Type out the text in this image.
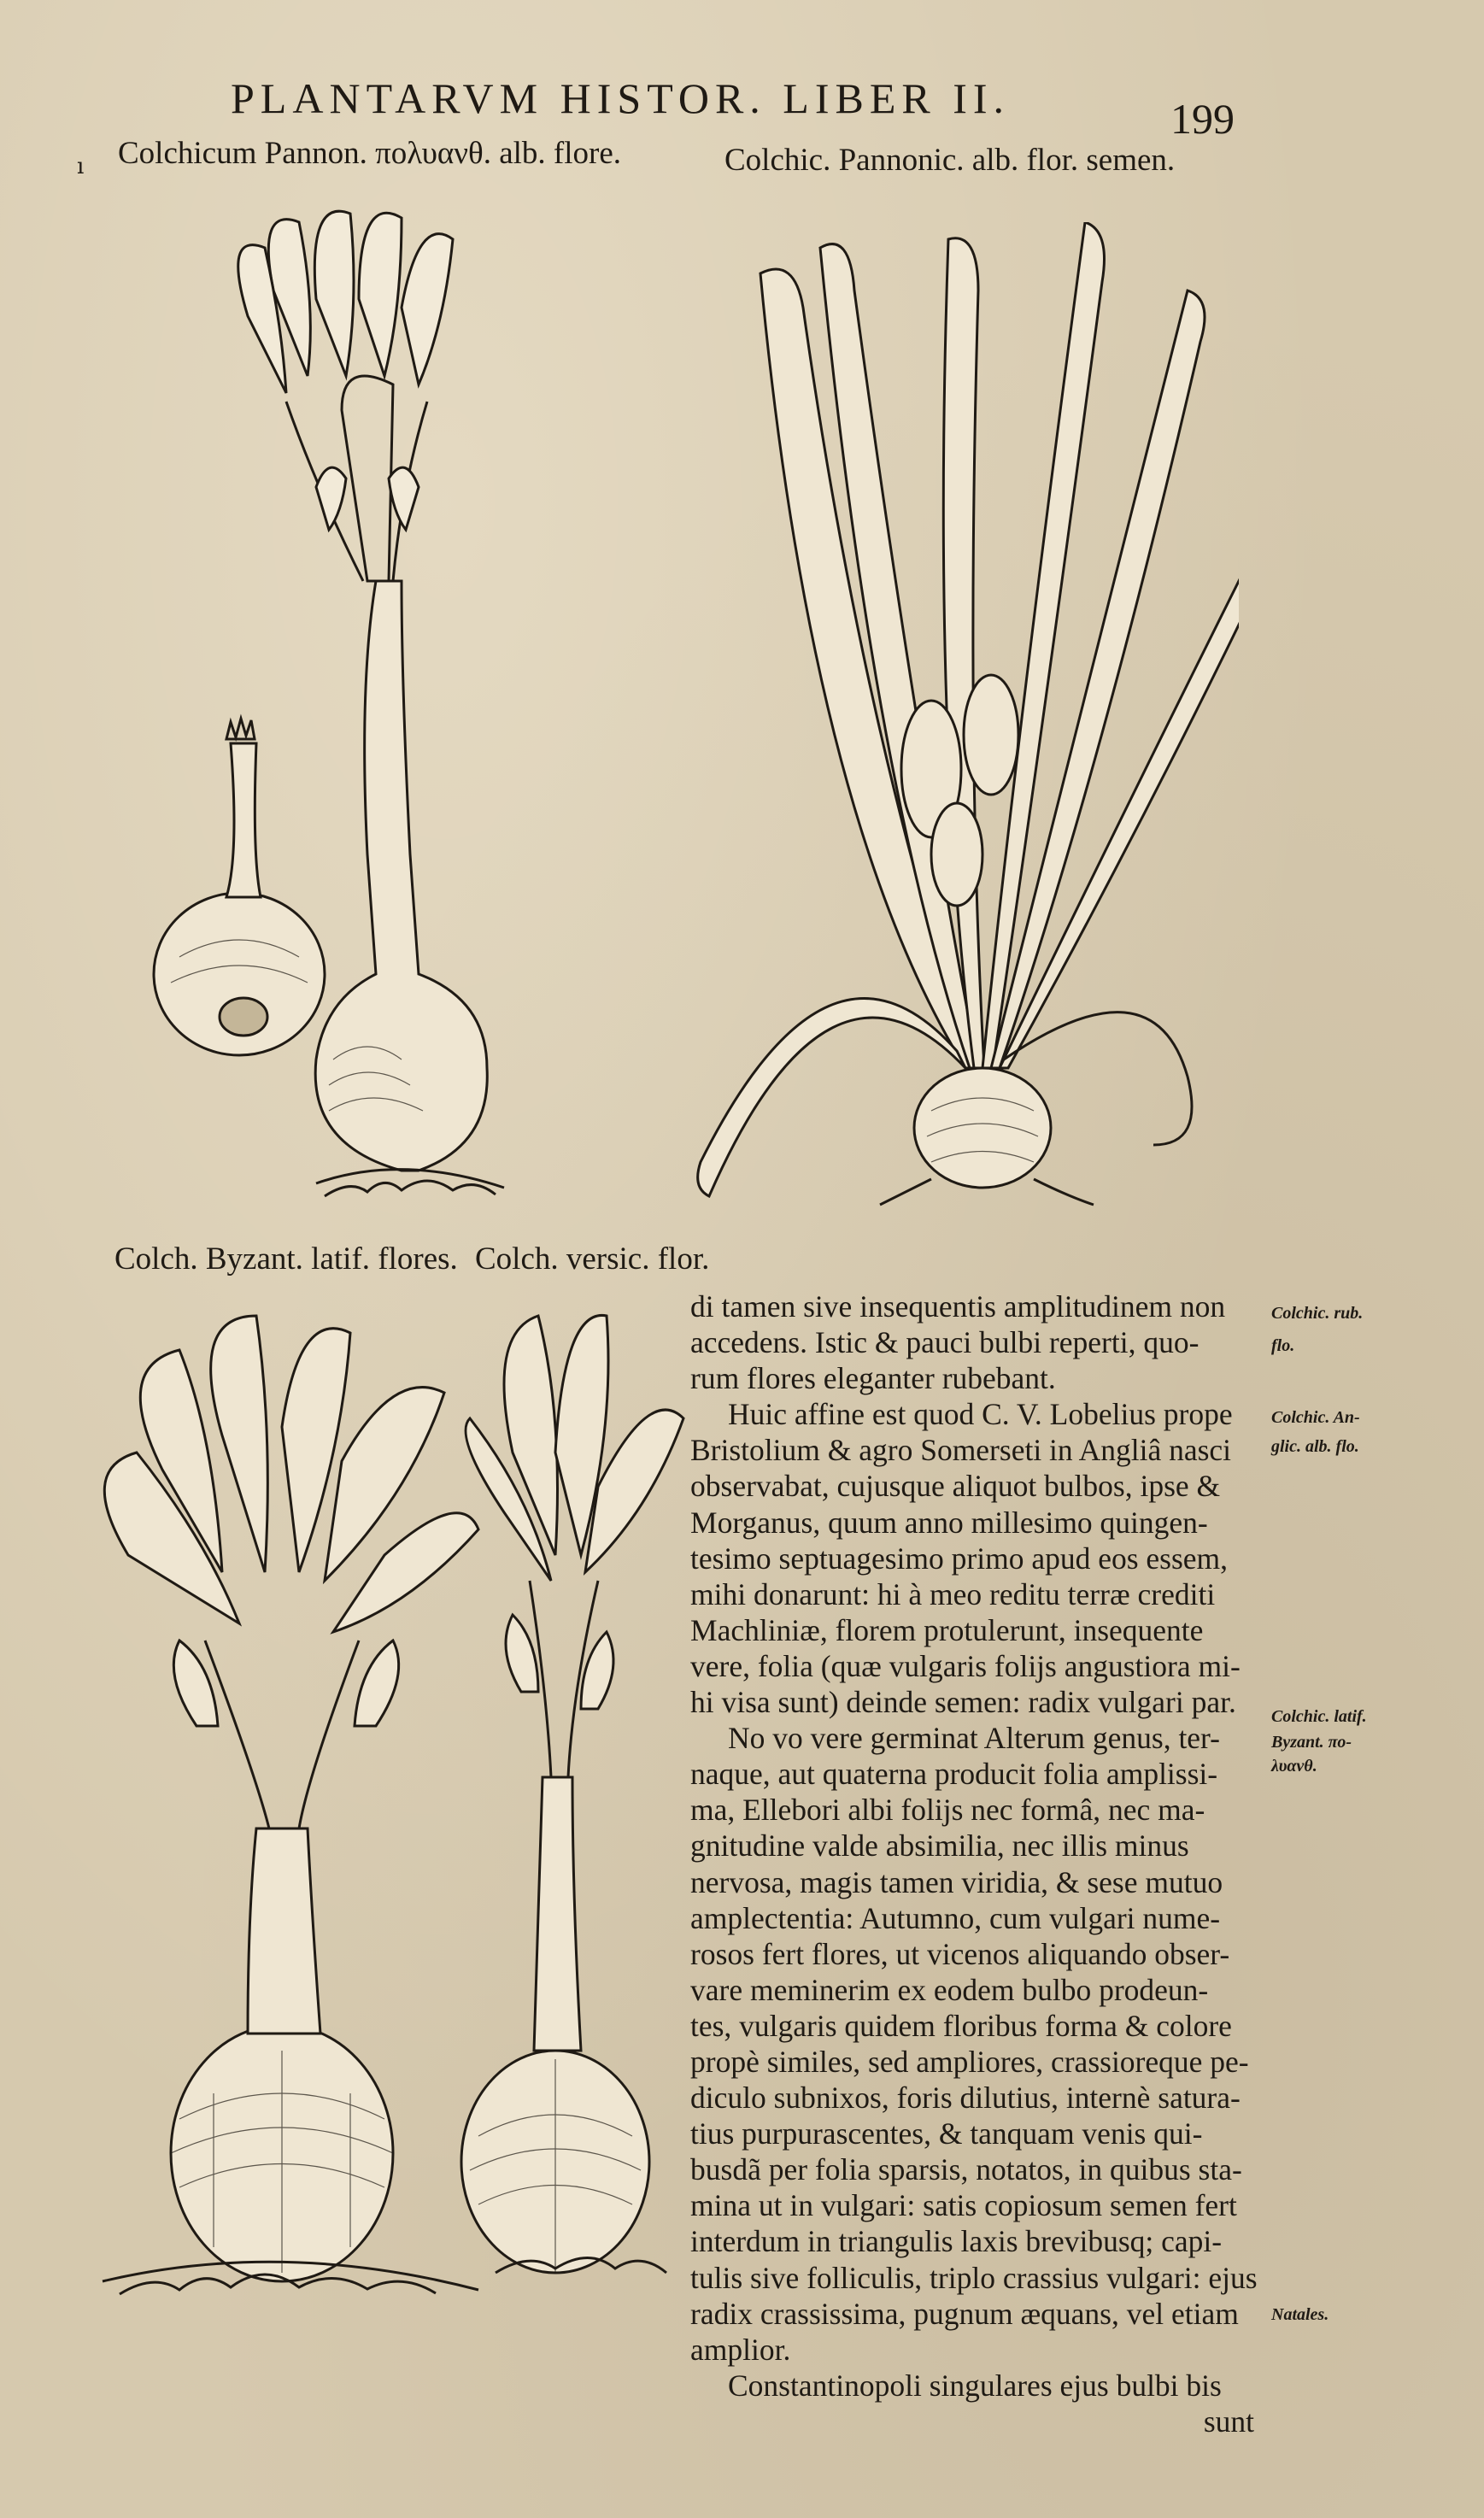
PLANTARVM HISTOR. LIBER II.	199
ı Colchicum Pannon. πολυανθ. alb. flore.	Colchic. Pannonic. alb. flor. semen.
Colch. Byzant. latif. flores. Colch. versic. flor.
di tamen sive insequentis amplitudinem non
accedens. Istic & pauci bulbi reperti, quo-
rum flores eleganter rubebant.
Huic affine est quod C. V. Lobelius prope
Bristolium & agro Somerseti in Angliâ nasci
observabat, cujusque aliquot bulbos, ipse &
Morganus, quum anno millesimo quingen-
tesimo septuagesimo primo apud eos essem,
mihi donarunt: hi à meo reditu terræ crediti
Machliniæ, florem protulerunt, insequente
vere, folia (quæ vulgaris folijs angustiora mi-
hi visa sunt) deinde semen: radix vulgari par.
No vo vere germinat Alterum genus, ter-
naque, aut quaterna producit folia amplissi-
ma, Ellebori albi folijs nec formâ, nec ma-
gnitudine valde absimilia, nec illis minus
nervosa, magis tamen viridia, & sese mutuo
amplectentia: Autumno, cum vulgari nume-
rosos fert flores, ut vicenos aliquando obser-
vare meminerim ex eodem bulbo prodeun-
tes, vulgaris quidem floribus forma & colore
propè similes, sed ampliores, crassioreque pe-
diculo subnixos, foris dilutius, internè satura-
tius purpurascentes, & tanquam venis qui-
busdã per folia sparsis, notatos, in quibus sta-
mina ut in vulgari: satis copiosum semen fert
interdum in triangulis laxis brevibusq; capi-
tulis sive folliculis, triplo crassius vulgari: ejus
radix crassissima, pugnum æquans, vel etiam
amplior.
Constantinopoli singulares ejus bulbi bis
sunt
Colchic. rub.
flo.
Colchic. An-
glic. alb. flo.
Colchic. latif.
Byzant. πο-
λυανθ.
Natales.
